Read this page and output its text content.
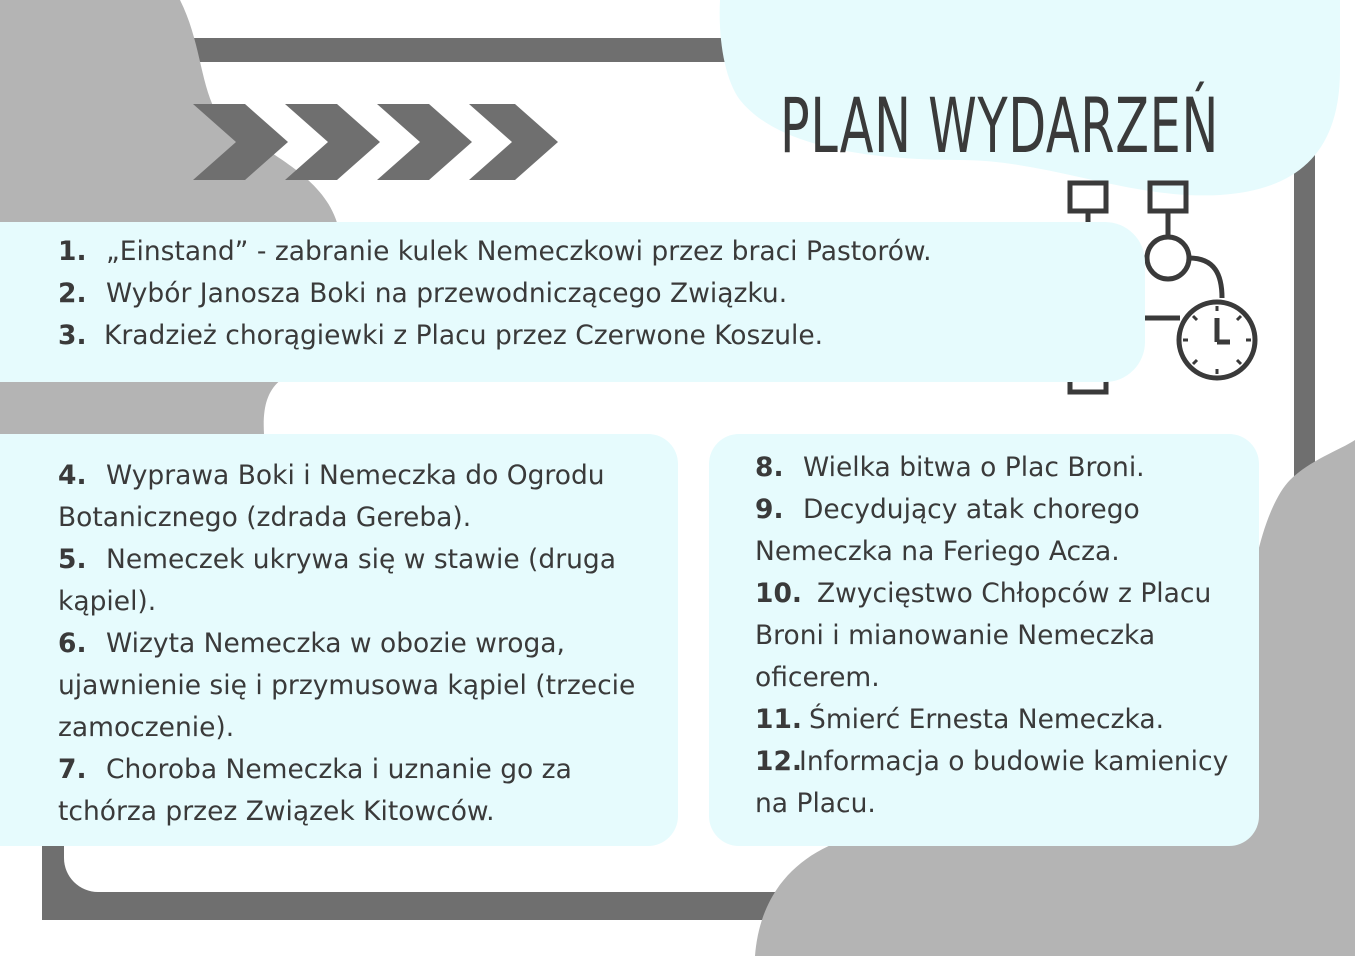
PLAN WYDARZEŃ
1. „Einstand” - zabranie kulek Nemeczkowi przez braci Pastorów.
2. Wybór Janosza Boki na przewodniczącego Związku.
3. Kradzież chorągiewki z Placu przez Czerwone Koszule.
4. Wyprawa Boki i Nemeczka do Ogrodu Botanicznego (zdrada Gereba).
5. Nemeczek ukrywa się w stawie (druga kąpiel).
6. Wizyta Nemeczka w obozie wroga, ujawnienie się i przymusowa kąpiel (trzecie zamoczenie).
7. Choroba Nemeczka i uznanie go za tchórza przez Związek Kitowców.
8. Wielka bitwa o Plac Broni.
9. Decydujący atak chorego Nemeczka na Feriego Acza.
10. Zwycięstwo Chłopców z Placu Broni i mianowanie Nemeczka oficerem.
11. Śmierć Ernesta Nemeczka.
12.Informacja o budowie kamienicy na Placu.
